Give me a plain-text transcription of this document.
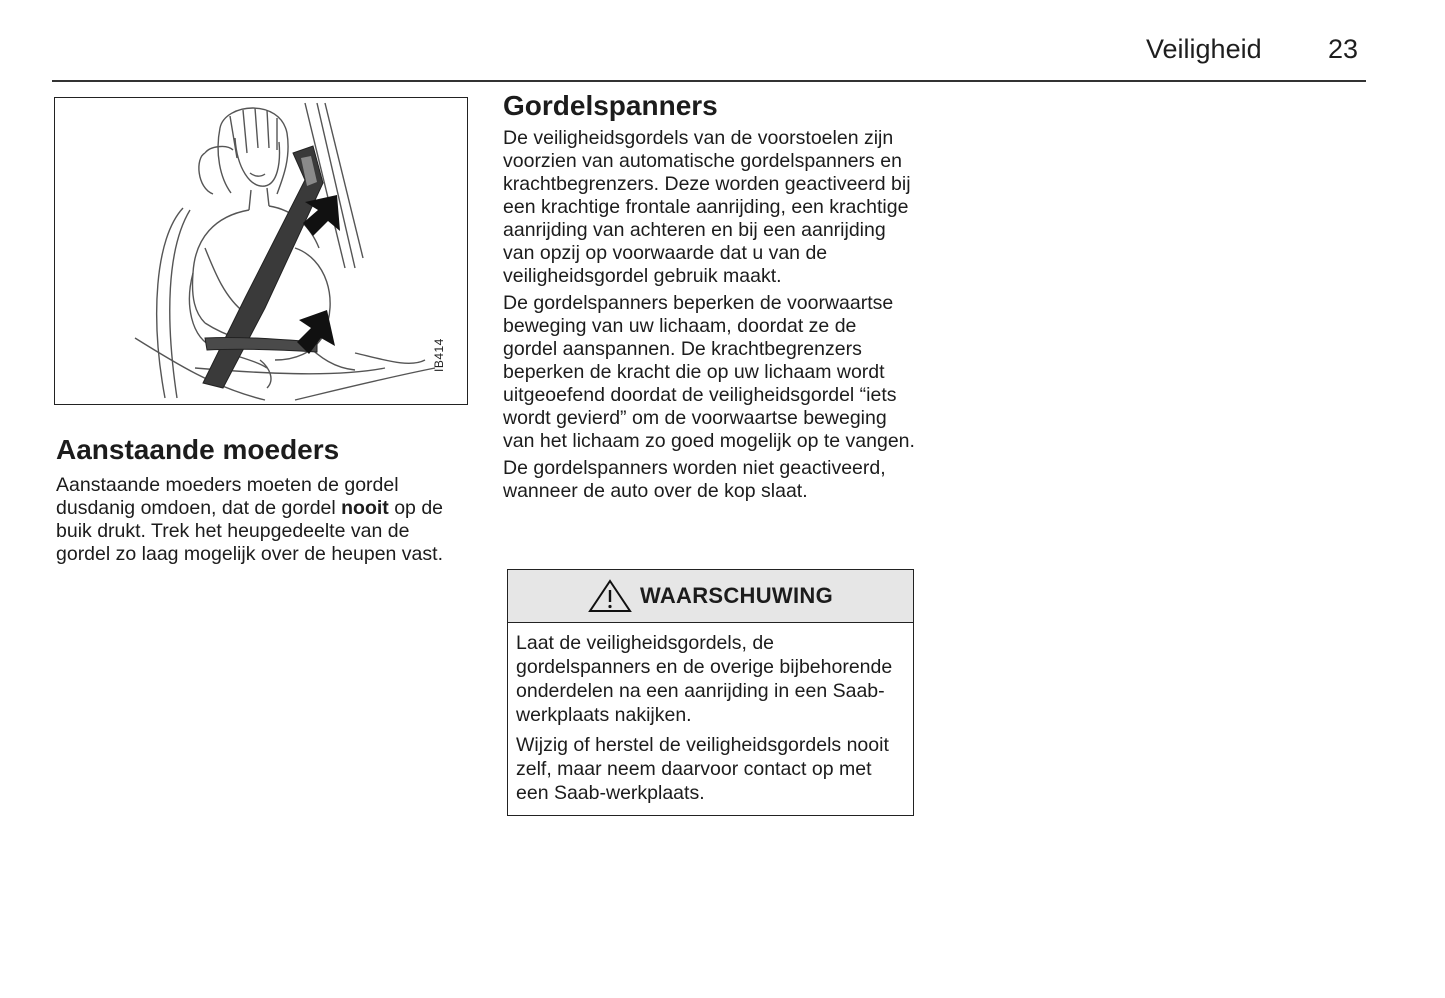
Veiligheid 23
IB414
Aanstaande moeders

Aanstaande moeders moeten de gordel dusdanig omdoen, dat de gordel nooit op de buik drukt. Trek het heupgedeelte van de gordel zo laag mogelijk over de heupen vast.

Gordelspanners

De veiligheidsgordels van de voorstoelen zijn voorzien van automatische gordelspanners en krachtbegrenzers. Deze worden geactiveerd bij een krachtige frontale aanrijding, een krachtige aanrijding van achteren en bij een aanrijding van opzij op voorwaarde dat u van de veiligheidsgordel gebruik maakt.

De gordelspanners beperken de voorwaartse beweging van uw lichaam, doordat ze de gordel aanspannen. De krachtbegrenzers beperken de kracht die op uw lichaam wordt uitgeoefend doordat de veiligheidsgordel “iets wordt gevierd” om de voorwaartse beweging van het lichaam zo goed mogelijk op te vangen.

De gordelspanners worden niet geactiveerd, wanneer de auto over de kop slaat.

WAARSCHUWING

Laat de veiligheidsgordels, de gordelspanners en de overige bijbehorende onderdelen na een aanrijding in een Saab-werkplaats nakijken.

Wijzig of herstel de veiligheidsgordels nooit zelf, maar neem daarvoor contact op met een Saab-werkplaats.
